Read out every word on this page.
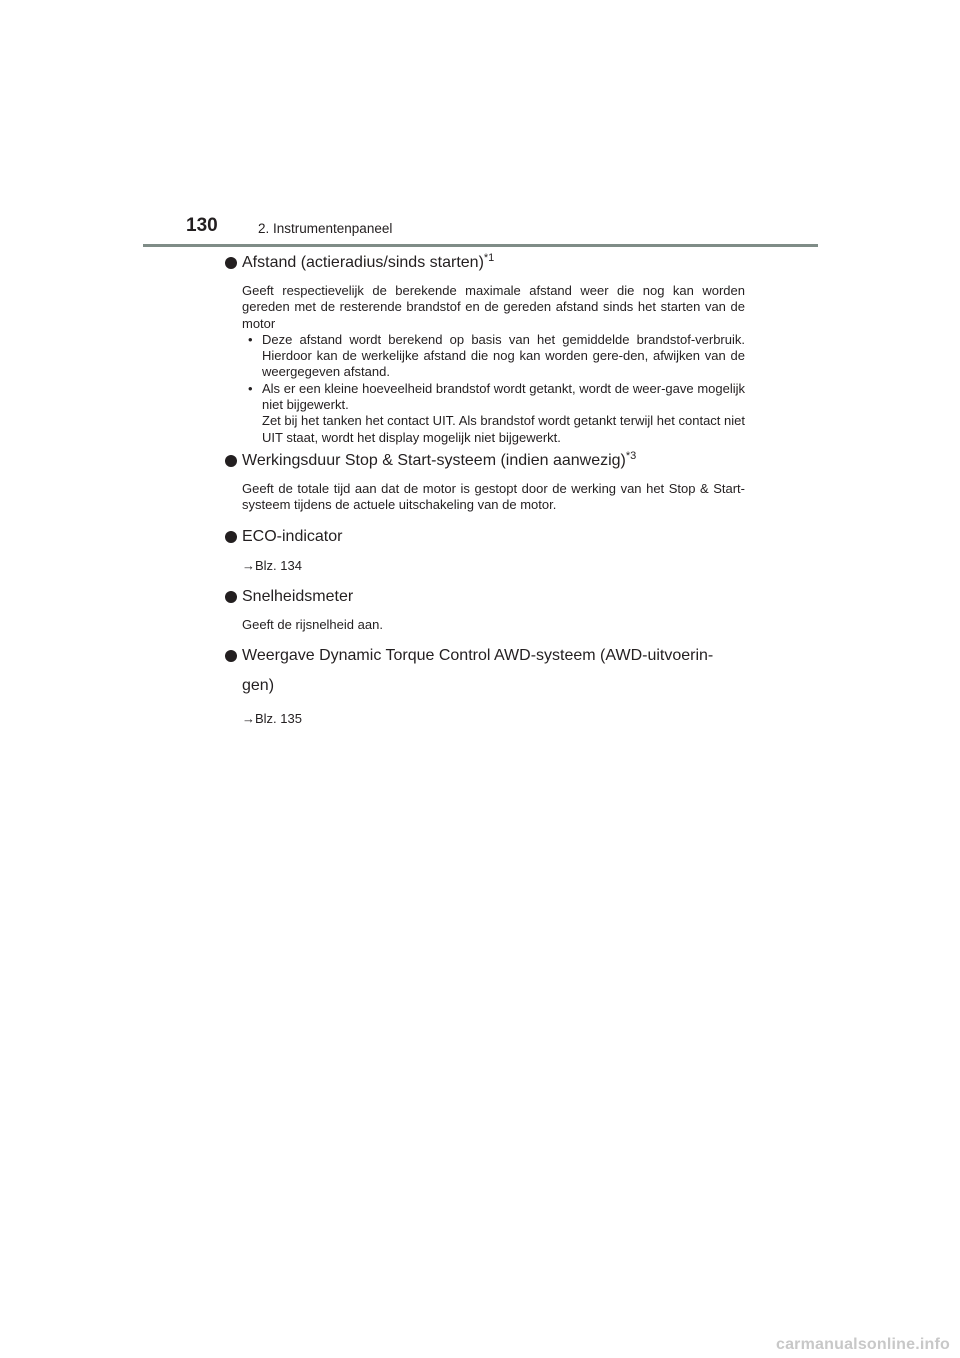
130	2. Instrumentenpaneel
Afstand (actieradius/sinds starten)$^{*1}$

Geeft respectievelijk de berekende maximale afstand weer die nog kan worden gereden met de resterende brandstof en de gereden afstand sinds het starten van de motor

• Deze afstand wordt berekend op basis van het gemiddelde brandstof-verbruik. Hierdoor kan de werkelijke afstand die nog kan worden gere-den, afwijken van de weergegeven afstand.

• Als er een kleine hoeveelheid brandstof wordt getankt, wordt de weer-gave mogelijk niet bijgewerkt.

Zet bij het tanken het contact UIT. Als brandstof wordt getankt terwijl het contact niet UIT staat, wordt het display mogelijk niet bijgewerkt.

Werkingsduur Stop & Start-systeem (indien aanwezig)$^{*3}$

Geeft de totale tijd aan dat de motor is gestopt door de werking van het Stop & Start-systeem tijdens de actuele uitschakeling van de motor.

ECO-indicator

→Blz. 134

Snelheidsmeter

Geeft de rijsnelheid aan.

Weergave Dynamic Torque Control AWD-systeem (AWD-uitvoerin-gen)

→Blz. 135

carmanualsonline.info
